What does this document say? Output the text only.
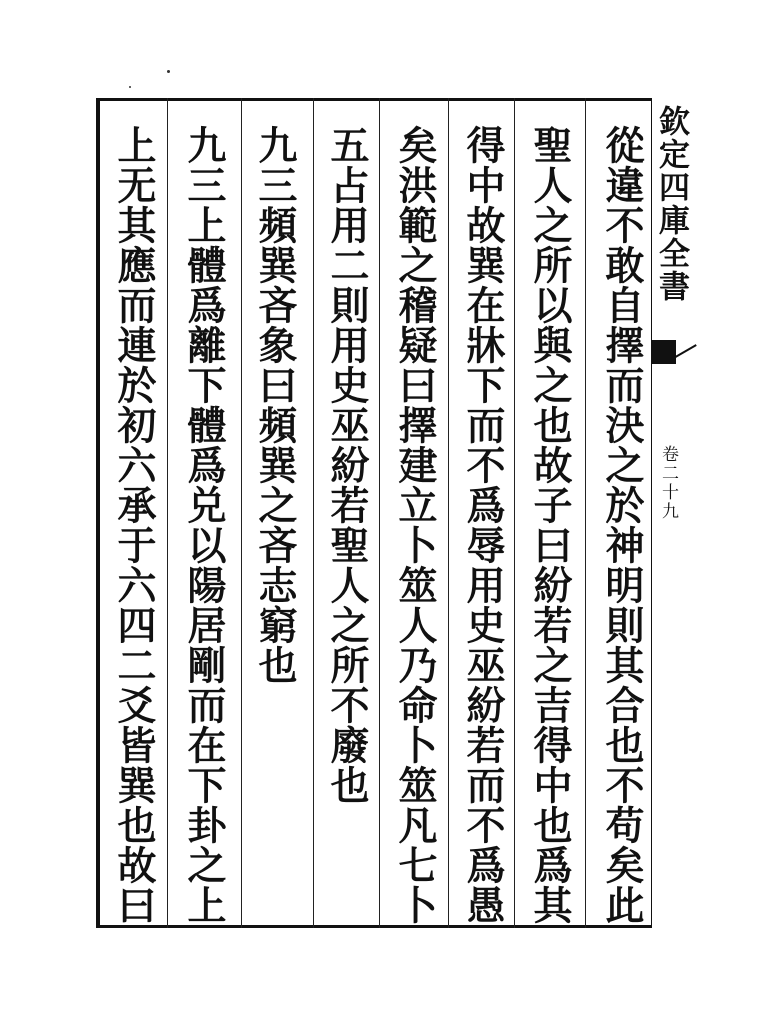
從違不敢自擇而決之於神明則其合也不苟矣此
聖人之所以與之也故子曰紛若之吉得中也爲其
得中故巽在牀下而不爲辱用史巫紛若而不爲愚
矣洪範之稽疑曰擇建立卜筮人乃命卜筮凡七卜
五占用二則用史巫紛若聖人之所不廢也
九三頻巽吝象曰頻巽之吝志窮也
九三上體爲離下體爲兑以陽居剛而在下卦之上
上无其應而連於初六承于六四二爻皆巽也故曰	欽定四庫全書
卷二十九
